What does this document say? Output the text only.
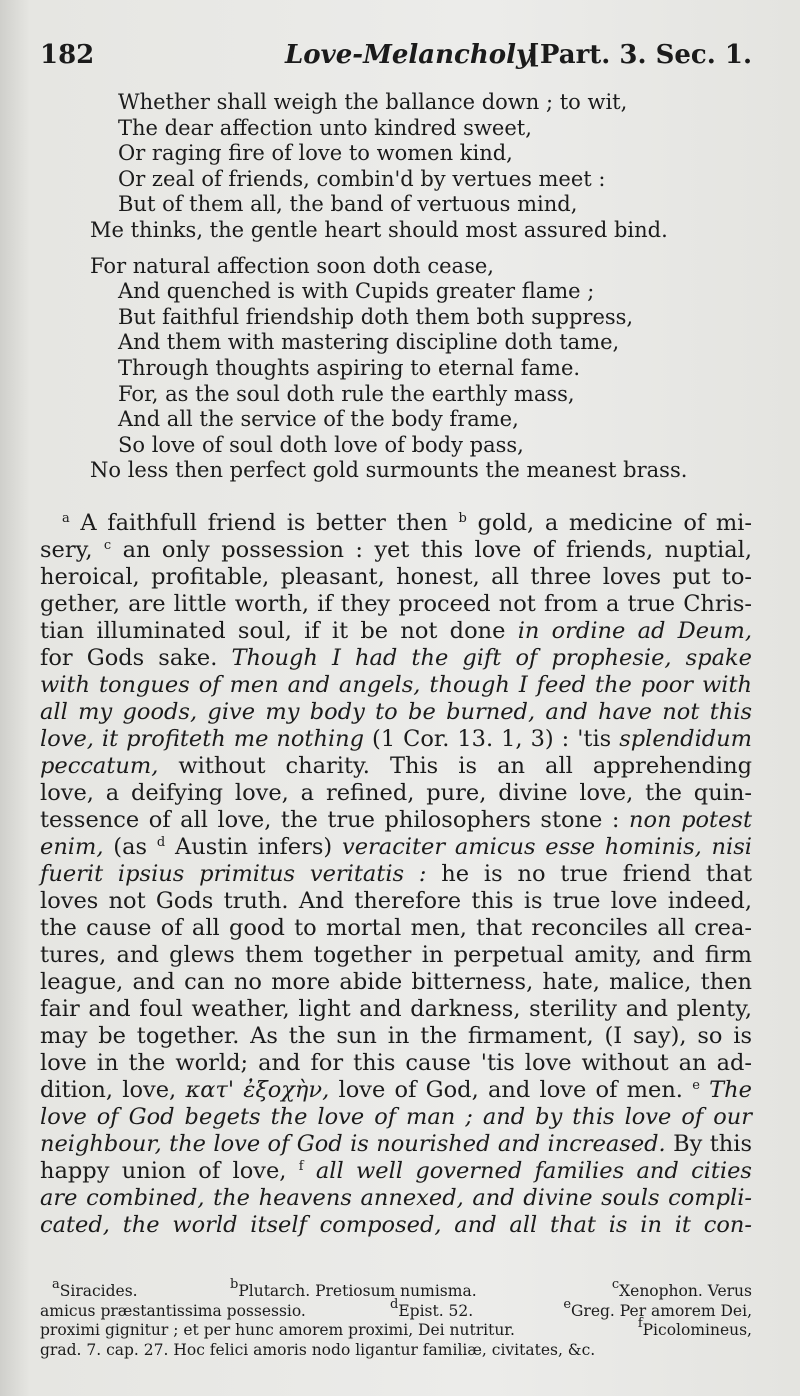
182	Love-Melancholy.
[Part. 3. Sec. 1.
Whether shall weigh the ballance down ; to wit,
The dear affection unto kindred sweet,
Or raging fire of love to women kind,
Or zeal of friends, combin'd by vertues meet :
But of them all, the band of vertuous mind,
Me thinks, the gentle heart should most assured bind.
For natural affection soon doth cease,
And quenched is with Cupids greater flame ;
But faithful friendship doth them both suppress,
And them with mastering discipline doth tame,
Through thoughts aspiring to eternal fame.
For, as the soul doth rule the earthly mass,
And all the service of the body frame,
So love of soul doth love of body pass,
No less then perfect gold surmounts the meanest brass.
$^a$ A faithfull friend is better then $^b$ gold, a medicine of mi-
sery, $^c$ an only possession : yet this love of friends, nuptial,
heroical, profitable, pleasant, honest, all three loves put to-
gether, are little worth, if they proceed not from a true Chris-
tian illuminated soul, if it be not done in ordine ad Deum,
for Gods sake. Though I had the gift of prophesie, spake
with tongues of men and angels, though I feed the poor with
all my goods, give my body to be burned, and have not this
love, it profiteth me nothing (1 Cor. 13. 1, 3) : 'tis splendidum
peccatum, without charity. This is an all apprehending
love, a deifying love, a refined, pure, divine love, the quin-
tessence of all love, the true philosophers stone : non potest
enim, (as $^d$ Austin infers) veraciter amicus esse hominis, nisi
fuerit ipsius primitus veritatis : he is no true friend that
loves not Gods truth. And therefore this is true love indeed,
the cause of all good to mortal men, that reconciles all crea-
tures, and glews them together in perpetual amity, and firm
league, and can no more abide bitterness, hate, malice, then
fair and foul weather, light and darkness, sterility and plenty,
may be together. As the sun in the firmament, (I say), so is
love in the world; and for this cause 'tis love without an ad-
dition, love, κατ' ἐξοχὴν, love of God, and love of men. $^e$ The
love of God begets the love of man ; and by this love of our
neighbour, the love of God is nourished and increased. By this
happy union of love, $^f$ all well governed families and cities
are combined, the heavens annexed, and divine souls compli-
cated, the world itself composed, and all that is in it con-
$^a$Siracides.	$^b$Plutarch. Pretiosum numisma.	$^c$Xenophon. Verus
amicus præstantissima possessio.	$^d$Epist. 52.	$^e$Greg. Per amorem Dei,
proximi gignitur ; et per hunc amorem proximi, Dei nutritur.	$^f$Picolomineus,
grad. 7. cap. 27. Hoc felici amoris nodo ligantur familiæ, civitates, &c.
